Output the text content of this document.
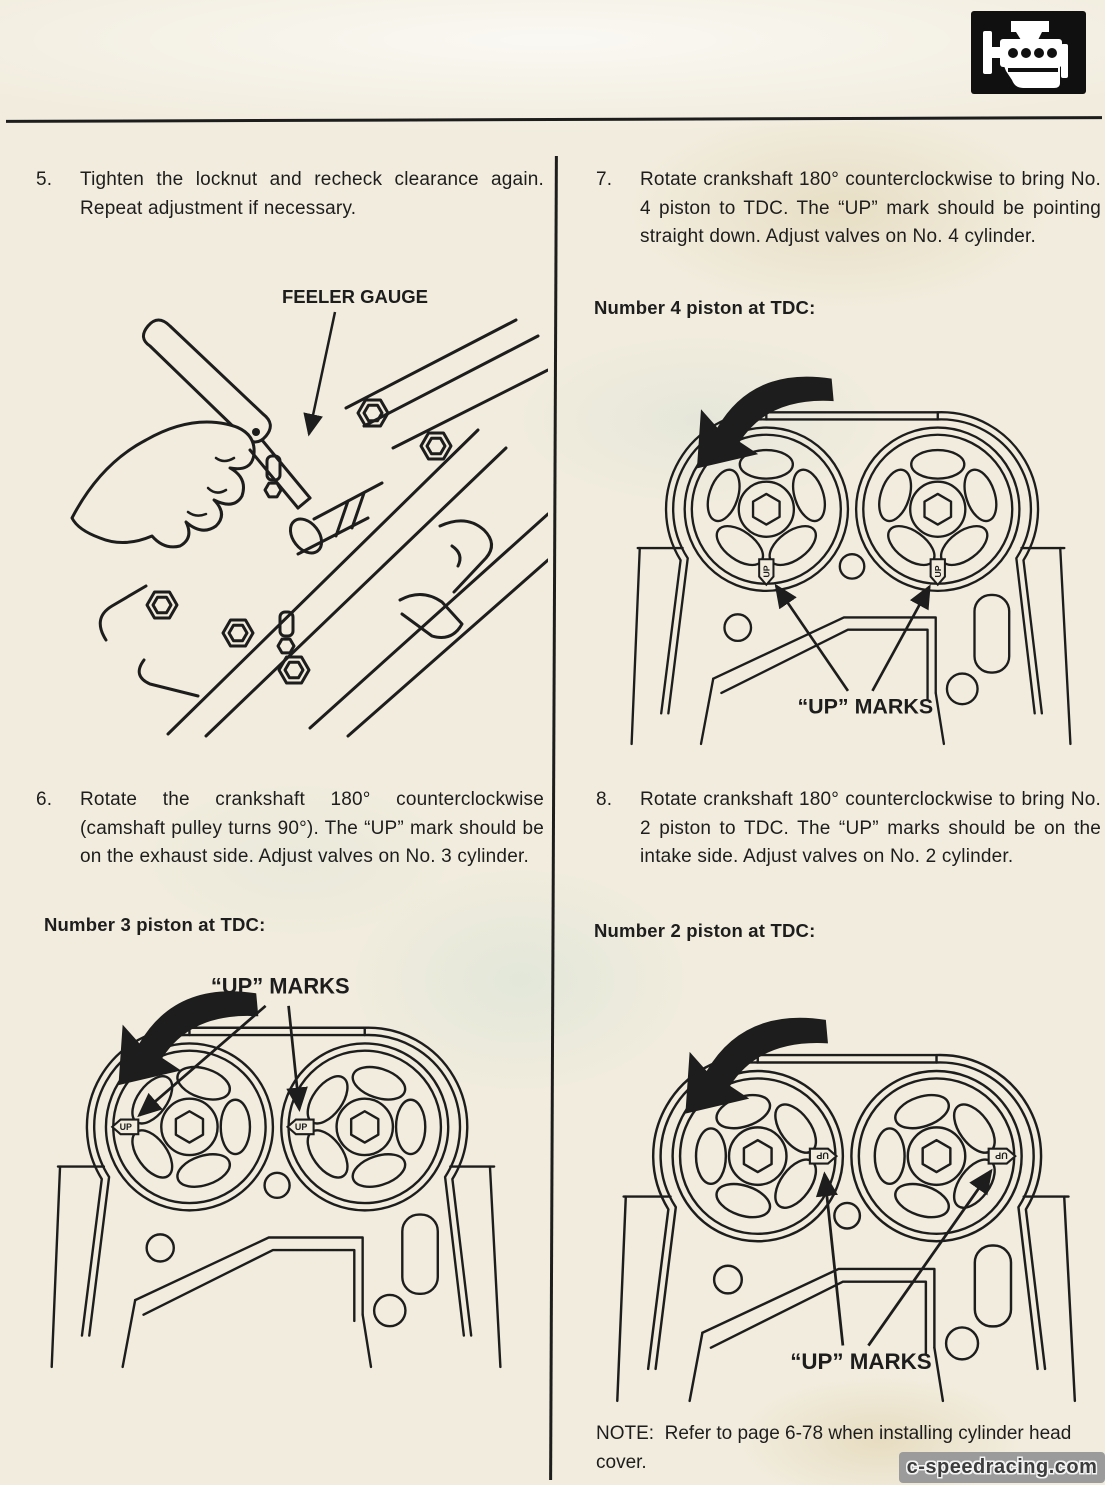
5.	Tighten the locknut and recheck clearance again. Repeat adjustment if necessary.
FEELER GAUGE
6.	Rotate the crankshaft 180° counterclockwise (camshaft pulley turns 90°). The “UP” mark should be on the exhaust side. Adjust valves on No. 3 cylinder.
Number 3 piston at TDC:
UP	UP
“UP” MARKS
7.	Rotate crankshaft 180° counterclockwise to bring No. 4 piston to TDC. The “UP” mark should be pointing straight down. Adjust valves on No. 4 cylinder.
Number 4 piston at TDC:
UP	UP
“UP” MARKS
8.	Rotate crankshaft 180° counterclockwise to bring No. 2 piston to TDC. The “UP” marks should be on the intake side. Adjust valves on No. 2 cylinder.
Number 2 piston at TDC:
UP	UP
“UP” MARKS
NOTE: Refer to page 6-78 when installing cylinder head cover.	c-speedracing.com
